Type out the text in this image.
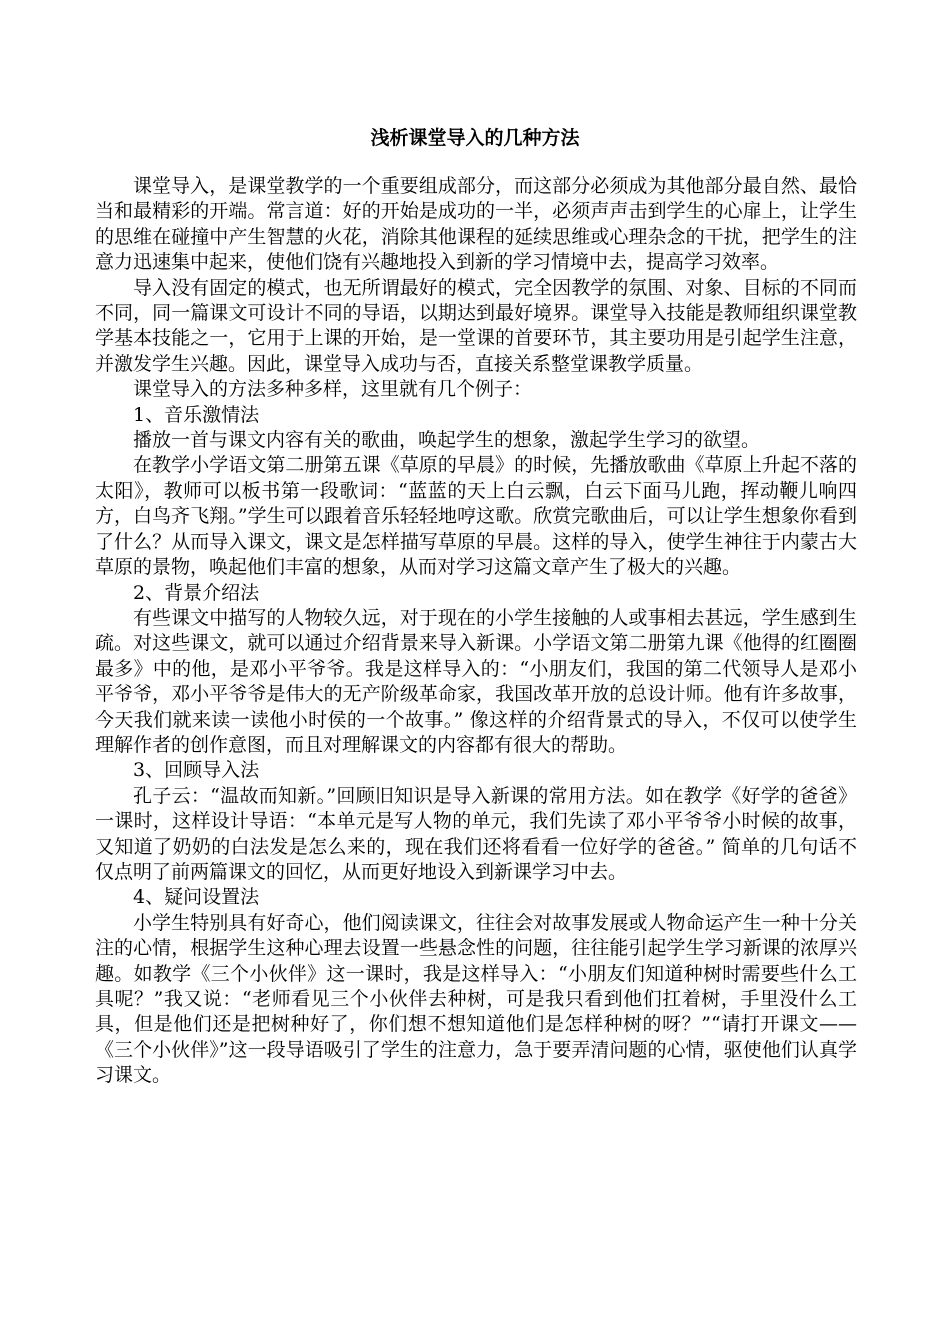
浅析课堂导入的几种方法

课堂导入，是课堂教学的一个重要组成部分，而这部分必须成为其他部分最自然、最恰当和最精彩的开端。常言道：好的开始是成功的一半，必须声声击到学生的心扉上，让学生的思维在碰撞中产生智慧的火花，消除其他课程的延续思维或心理杂念的干扰，把学生的注意力迅速集中起来，使他们饶有兴趣地投入到新的学习情境中去，提高学习效率。

导入没有固定的模式，也无所谓最好的模式，完全因教学的氛围、对象、目标的不同而不同，同一篇课文可设计不同的导语，以期达到最好境界。课堂导入技能是教师组织课堂教学基本技能之一，它用于上课的开始，是一堂课的首要环节，其主要功用是引起学生注意，并激发学生兴趣。因此，课堂导入成功与否，直接关系整堂课教学质量。

课堂导入的方法多种多样，这里就有几个例子：

1、音乐激情法

播放一首与课文内容有关的歌曲，唤起学生的想象，激起学生学习的欲望。

在教学小学语文第二册第五课《草原的早晨》的时候，先播放歌曲《草原上升起不落的太阳》，教师可以板书第一段歌词：“蓝蓝的天上白云飘，白云下面马儿跑，挥动鞭儿响四方，白鸟齐飞翔。”学生可以跟着音乐轻轻地哼这歌。欣赏完歌曲后，可以让学生想象你看到了什么？从而导入课文，课文是怎样描写草原的早晨。这样的导入，使学生神往于内蒙古大草原的景物，唤起他们丰富的想象，从而对学习这篇文章产生了极大的兴趣。

2、背景介绍法

有些课文中描写的人物较久远，对于现在的小学生接触的人或事相去甚远，学生感到生疏。对这些课文，就可以通过介绍背景来导入新课。小学语文第二册第九课《他得的红圈圈最多》中的他，是邓小平爷爷。我是这样导入的：“小朋友们，我国的第二代领导人是邓小平爷爷，邓小平爷爷是伟大的无产阶级革命家，我国改革开放的总设计师。他有许多故事，今天我们就来读一读他小时侯的一个故事。” 像这样的介绍背景式的导入，不仅可以使学生理解作者的创作意图，而且对理解课文的内容都有很大的帮助。

3、回顾导入法

孔子云：“温故而知新。”回顾旧知识是导入新课的常用方法。如在教学《好学的爸爸》一课时，这样设计导语：“本单元是写人物的单元，我们先读了邓小平爷爷小时候的故事，又知道了奶奶的白法发是怎么来的，现在我们还将看看一位好学的爸爸。” 简单的几句话不仅点明了前两篇课文的回忆，从而更好地设入到新课学习中去。

4、疑问设置法

小学生特别具有好奇心，他们阅读课文，往往会对故事发展或人物命运产生一种十分关注的心情，根据学生这种心理去设置一些悬念性的问题，往往能引起学生学习新课的浓厚兴趣。如教学《三个小伙伴》这一课时，我是这样导入：“小朋友们知道种树时需要些什么工具呢？”我又说：“老师看见三个小伙伴去种树，可是我只看到他们扛着树，手里没什么工具，但是他们还是把树种好了，你们想不想知道他们是怎样种树的呀？”“请打开课文——《三个小伙伴》”这一段导语吸引了学生的注意力，急于要弄清问题的心情，驱使他们认真学习课文。
